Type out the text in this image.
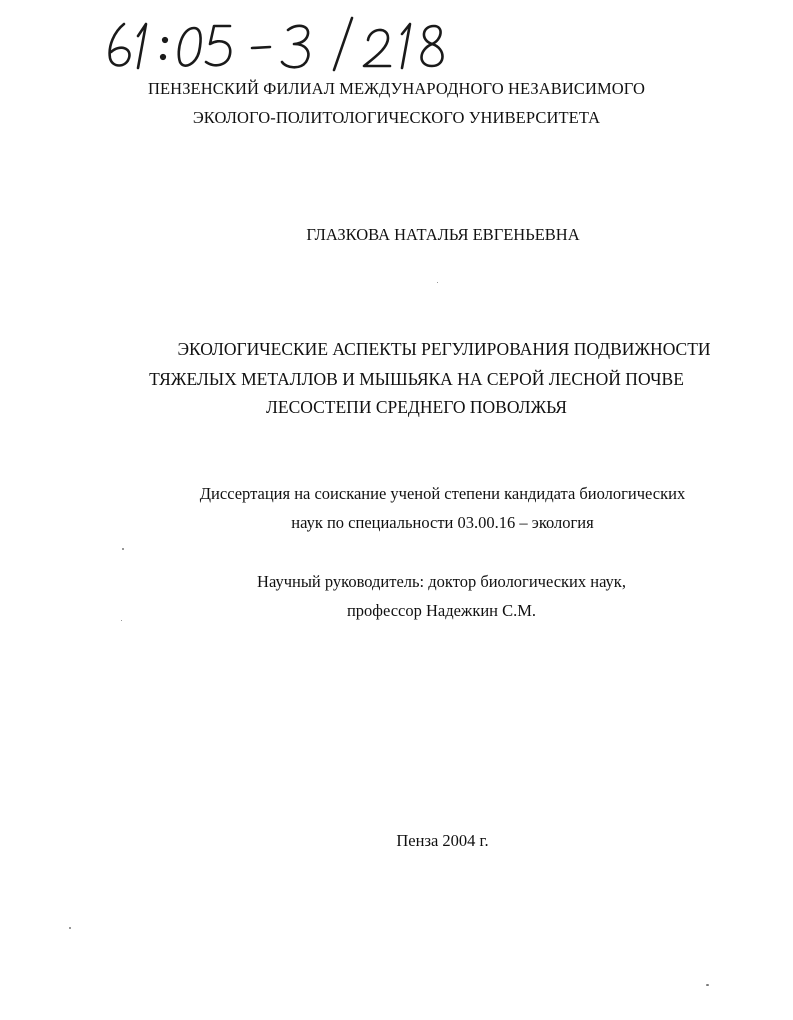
ПЕНЗЕНСКИЙ ФИЛИАЛ МЕЖДУНАРОДНОГО НЕЗАВИСИМОГО
ЭКОЛОГО-ПОЛИТОЛОГИЧЕСКОГО УНИВЕРСИТЕТА
ГЛАЗКОВА НАТАЛЬЯ ЕВГЕНЬЕВНА
ЭКОЛОГИЧЕСКИЕ АСПЕКТЫ РЕГУЛИРОВАНИЯ ПОДВИЖНОСТИ
ТЯЖЕЛЫХ МЕТАЛЛОВ И МЫШЬЯКА НА СЕРОЙ ЛЕСНОЙ ПОЧВЕ
ЛЕСОСТЕПИ СРЕДНЕГО ПОВОЛЖЬЯ
Диссертация на соискание ученой степени кандидата биологических
наук по специальности 03.00.16 – экология
Научный руководитель: доктор биологических наук,
профессор Надежкин С.М.
Пенза 2004 г.
